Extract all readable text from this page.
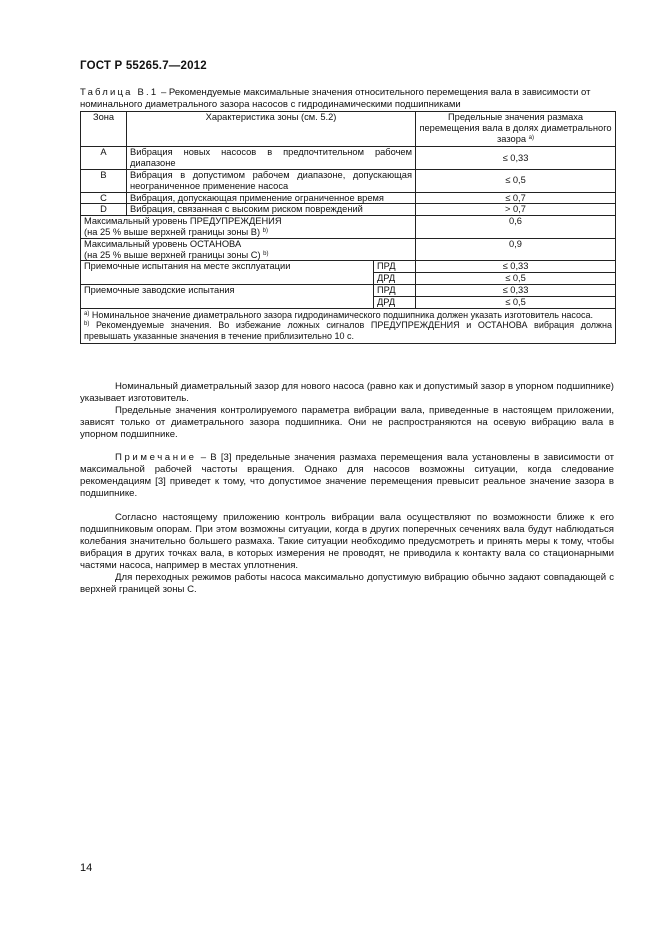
ГОСТ Р 55265.7—2012
Таблица В.1 – Рекомендуемые максимальные значения относительного перемещения вала в зависимости от номинального диаметрального зазора насосов с гидродинамическими подшипниками
Зона	Характеристика зоны (см. 5.2)		Предельные значения размаха перемещения вала в долях диаметрального зазора $^{а)}$
A	Вибрация новых насосов в предпочтительном рабочем диапазоне		≤ 0,33
B	Вибрация в допустимом рабочем диапазоне, допускающая неограниченное применение насоса		≤ 0,5
C	Вибрация, допускающая применение ограниченное время		≤ 0,7
D	Вибрация, связанная с высоким риском повреждений		> 0,7
Максимальный уровень ПРЕДУПРЕЖДЕНИЯ
(на 25 % выше верхней границы зоны B) $^{b)}$			0,6
Максимальный уровень ОСТАНОВА
(на 25 % выше верхней границы зоны C) $^{b)}$			0,9
Приемочные испытания на месте эксплуатации		ПРД	≤ 0,33
		ДРД	≤ 0,5
Приемочные заводские испытания		ПРД	≤ 0,33
		ДРД	≤ 0,5

$^{а)}$ Номинальное значение диаметрального зазора гидродинамического подшипника должен указать изготовитель насоса.
$^{b)}$ Рекомендуемые значения. Во избежание ложных сигналов ПРЕДУПРЕЖДЕНИЯ и ОСТАНОВА вибрация должна превышать указанные значения в течение приблизительно 10 с.			

Номинальный диаметральный зазор для нового насоса (равно как и допустимый зазор в упорном подшипнике) указывает изготовитель.

Предельные значения контролируемого параметра вибрации вала, приведенные в настоящем приложении, зависят только от диаметрального зазора подшипника. Они не распространяются на осевую вибрацию вала в упорном подшипнике.

Примечание – В [3] предельные значения размаха перемещения вала установлены в зависимости от максимальной рабочей частоты вращения. Однако для насосов возможны ситуации, когда следование рекомендациям [3] приведет к тому, что допустимое значение перемещения превысит реальное значение зазора в подшипнике.

Согласно настоящему приложению контроль вибрации вала осуществляют по возможности ближе к его подшипниковым опорам. При этом возможны ситуации, когда в других поперечных сечениях вала будут наблюдаться колебания значительно большего размаха. Такие ситуации необходимо предусмотреть и принять меры к тому, чтобы вибрация в других точках вала, в которых измерения не проводят, не приводила к контакту вала со стационарными частями насоса, например в местах уплотнения.

Для переходных режимов работы насоса максимально допустимую вибрацию обычно задают совпадающей с верхней границей зоны C.

14
